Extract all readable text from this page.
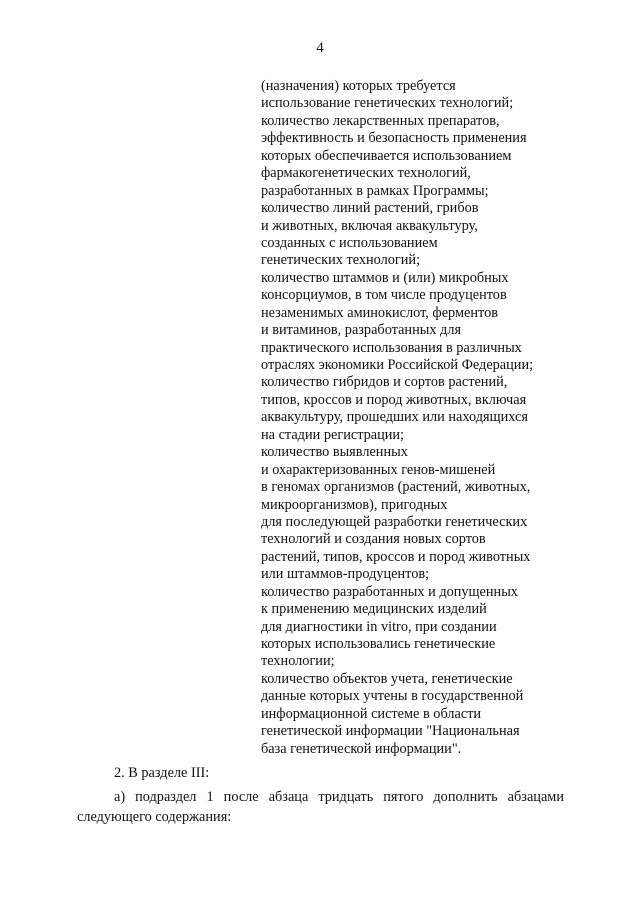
4
(назначения) которых требуется
использование генетических технологий;
количество лекарственных препаратов,
эффективность и безопасность применения
которых обеспечивается использованием
фармакогенетических технологий,
разработанных в рамках Программы;
количество линий растений, грибов
и животных, включая аквакультуру,
созданных с использованием
генетических технологий;
количество штаммов и (или) микробных
консорциумов, в том числе продуцентов
незаменимых аминокислот, ферментов
и витаминов, разработанных для
практического использования в различных
отраслях экономики Российской Федерации;
количество гибридов и сортов растений,
типов, кроссов и пород животных, включая
аквакультуру, прошедших или находящихся
на стадии регистрации;
количество выявленных
и охарактеризованных генов-мишеней
в геномах организмов (растений, животных,
микроорганизмов), пригодных
для последующей разработки генетических
технологий и создания новых сортов
растений, типов, кроссов и пород животных
или штаммов-продуцентов;
количество разработанных и допущенных
к применению медицинских изделий
для диагностики in vitro, при создании
которых использовались генетические
технологии;
количество объектов учета, генетические
данные которых учтены в государственной
информационной системе в области
генетической информации "Национальная
база генетической информации".
2. В разделе III:
а) подраздел 1 после абзаца тридцать пятого дополнить абзацами
следующего содержания:
